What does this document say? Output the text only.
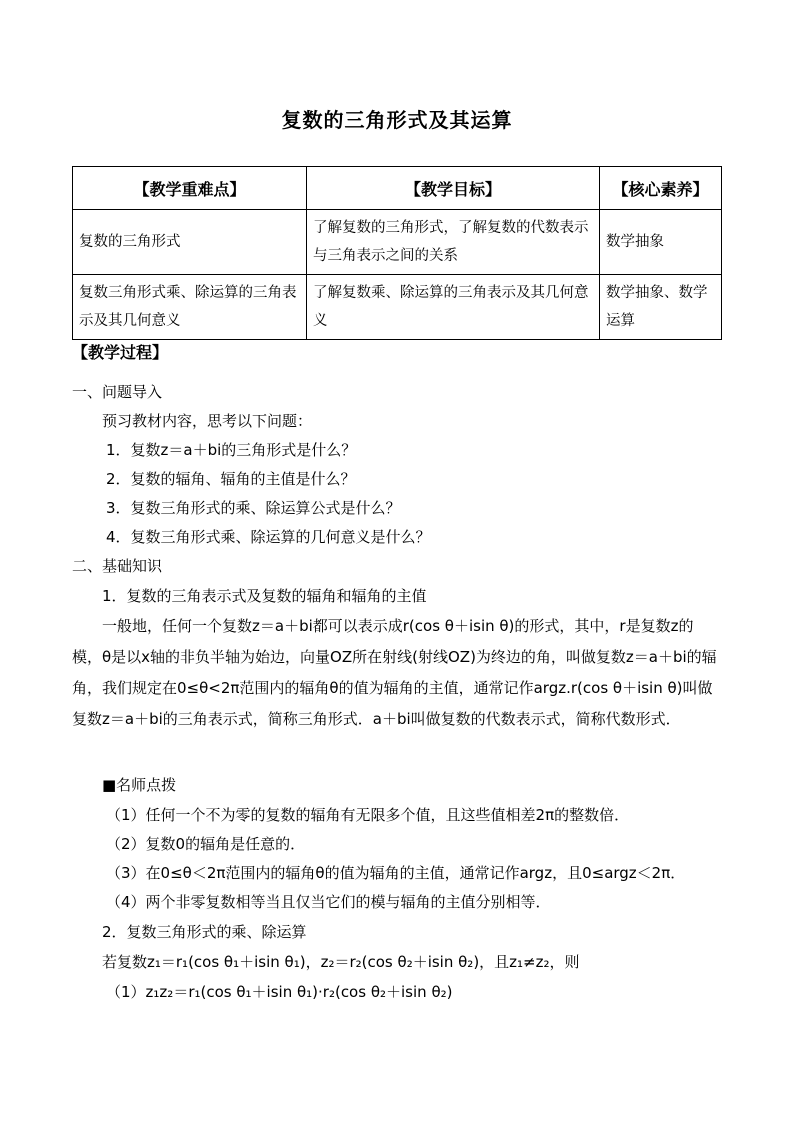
复数的三角形式及其运算
【教学重难点】	【教学目标】	【核心素养】
复数的三角形式	了解复数的三角形式，了解复数的代数表示与三角表示之间的关系	数学抽象
复数三角形式乘、除运算的三角表示及其几何意义	了解复数乘、除运算的三角表示及其几何意义	数学抽象、数学运算
【教学过程】
一、问题导入
预习教材内容，思考以下问题：
1．复数z＝a＋bi的三角形式是什么？
2．复数的辐角、辐角的主值是什么？
3．复数三角形式的乘、除运算公式是什么？
4．复数三角形式乘、除运算的几何意义是什么？
二、基础知识
1．复数的三角表示式及复数的辐角和辐角的主值
一般地，任何一个复数z＝a＋bi都可以表示成r(cos θ＋isin θ)的形式，其中，r是复数z的模，θ是以x轴的非负半轴为始边，向量OZ所在射线(射线OZ)为终边的角，叫做复数z＝a＋bi的辐角，我们规定在0≤θ<2π范围内的辐角θ的值为辐角的主值，通常记作argz.r(cos θ＋isin θ)叫做复数z＝a＋bi的三角表示式，简称三角形式．a＋bi叫做复数的代数表示式，简称代数形式．
■名师点拨
（1）任何一个不为零的复数的辐角有无限多个值，且这些值相差2π的整数倍．
（2）复数0的辐角是任意的．
（3）在0≤θ＜2π范围内的辐角θ的值为辐角的主值，通常记作argz，且0≤argz＜2π．
（4）两个非零复数相等当且仅当它们的模与辐角的主值分别相等．
2．复数三角形式的乘、除运算
若复数z₁＝r₁(cos θ₁＋isin θ₁)，z₂＝r₂(cos θ₂＋isin θ₂)，且z₁≠z₂，则
（1）z₁z₂＝r₁(cos θ₁＋isin θ₁)·r₂(cos θ₂＋isin θ₂)
